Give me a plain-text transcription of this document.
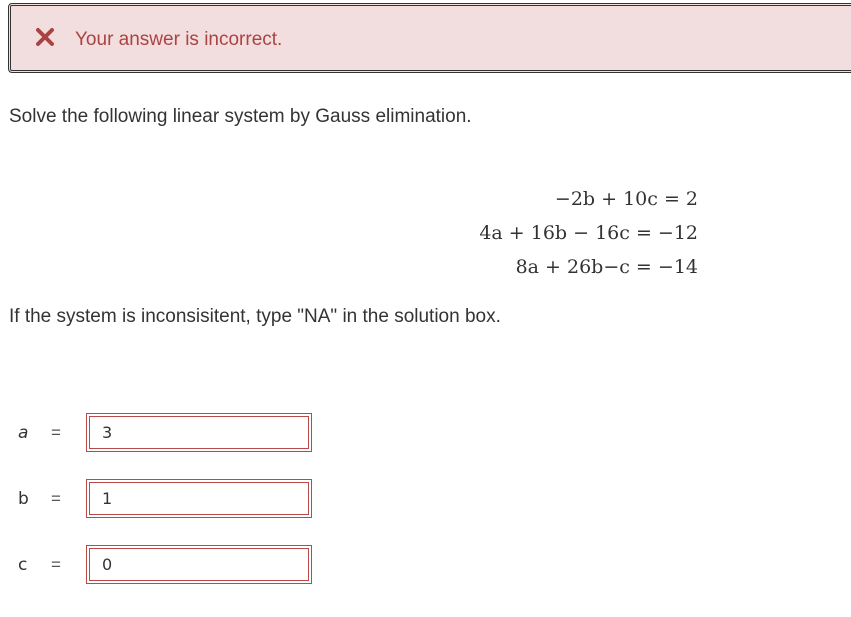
Your answer is incorrect.
Solve the following linear system by Gauss elimination.
−2b + 10c = 2
4a + 16b − 16c = −12
8a + 26b−c = −14
If the system is inconsisitent, type "NA" in the solution box.
a =
3
b =
1
c =
0
